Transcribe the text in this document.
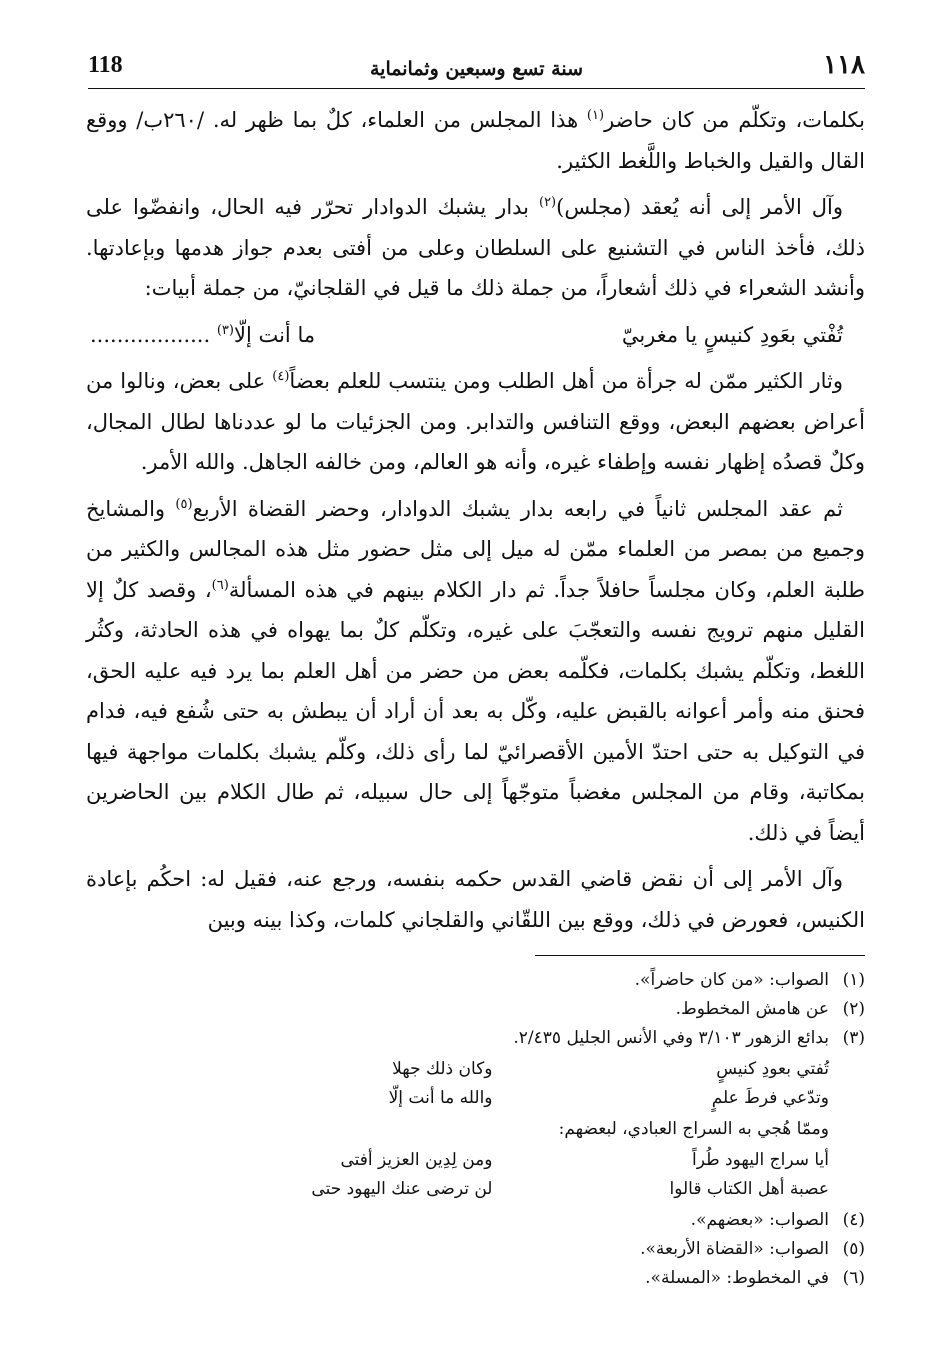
١١٨
سنة تسع وسبعين وثمانماية
118

بكلمات، وتكلّم من كان حاضر$^{(١)}$ هذا المجلس من العلماء، كلٌ بما ظهر له. /٢٦٠ب/ ووقع القال والقيل والخباط واللَّغط الكثير.

وآل الأمر إلى أنه يُعقد (مجلس)$^{(٢)}$ بدار يشبك الدوادار تحرّر فيه الحال، وانفضّوا على ذلك، فأخذ الناس في التشنيع على السلطان وعلى من أفتى بعدم جواز هدمها وبإعادتها. وأنشد الشعراء في ذلك أشعاراً، من جملة ذلك ما قيل في القلجانيّ، من جملة أبيات:

تُفْتي بعَودِ كنيسٍ يا مغربيّ
ما أنت إلّا$^{(٣)}$ ..................

وثار الكثير ممّن له جرأة من أهل الطلب ومن ينتسب للعلم بعضاً$^{(٤)}$ على بعض، ونالوا من أعراض بعضهم البعض، ووقع التنافس والتدابر. ومن الجزئيات ما لو عددناها لطال المجال، وكلٌ قصدُه إظهار نفسه وإطفاء غيره، وأنه هو العالم، ومن خالفه الجاهل. والله الأمر.

ثم عقد المجلس ثانياً في رابعه بدار يشبك الدوادار، وحضر القضاة الأربع$^{(٥)}$ والمشايخ وجميع من بمصر من العلماء ممّن له ميل إلى مثل حضور مثل هذه المجالس والكثير من طلبة العلم، وكان مجلساً حافلاً جداً. ثم دار الكلام بينهم في هذه المسألة$^{(٦)}$، وقصد كلٌ إلا القليل منهم ترويج نفسه والتعجّبَ على غيره، وتكلّم كلٌ بما يهواه في هذه الحادثة، وكثُر اللغط، وتكلّم يشبك بكلمات، فكلّمه بعض من حضر من أهل العلم بما يرد فيه عليه الحق، فحنق منه وأمر أعوانه بالقبض عليه، وكّل به بعد أن أراد أن يبطش به حتى شُفع فيه، فدام في التوكيل به حتى احتدّ الأمين الأقصرائيّ لما رأى ذلك، وكلّم يشبك بكلمات مواجهة فيها بمكاتبة، وقام من المجلس مغضباً متوجّهاً إلى حال سبيله، ثم طال الكلام بين الحاضرين أيضاً في ذلك.

وآل الأمر إلى أن نقض قاضي القدس حكمه بنفسه، ورجع عنه، فقيل له: احكُم بإعادة الكنيس، فعورض في ذلك، ووقع بين اللقّاني والقلجاني كلمات، وكذا بينه وبين

(١)
الصواب: «من كان حاضراً».
(٢)
عن هامش المخطوط.
(٣)
بدائع الزهور ٣/١٠٣ وفي الأنس الجليل ٢/٤٣٥.
تُفتي بعودِ كنيسٍ
وكان ذلك جهلا
وتدّعي فرطَ علمٍ
والله ما أنت إلّا
وممّا هُجي به السراج العبادي، لبعضهم:
أيا سراج اليهود طُراً
ومن لِدِين العزيز أفتى
عصبة أهل الكتاب قالوا
لن ترضى عنك اليهود حتى
(٤)
الصواب: «بعضهم».
(٥)
الصواب: «القضاة الأربعة».
(٦)
في المخطوط: «المسلة».
